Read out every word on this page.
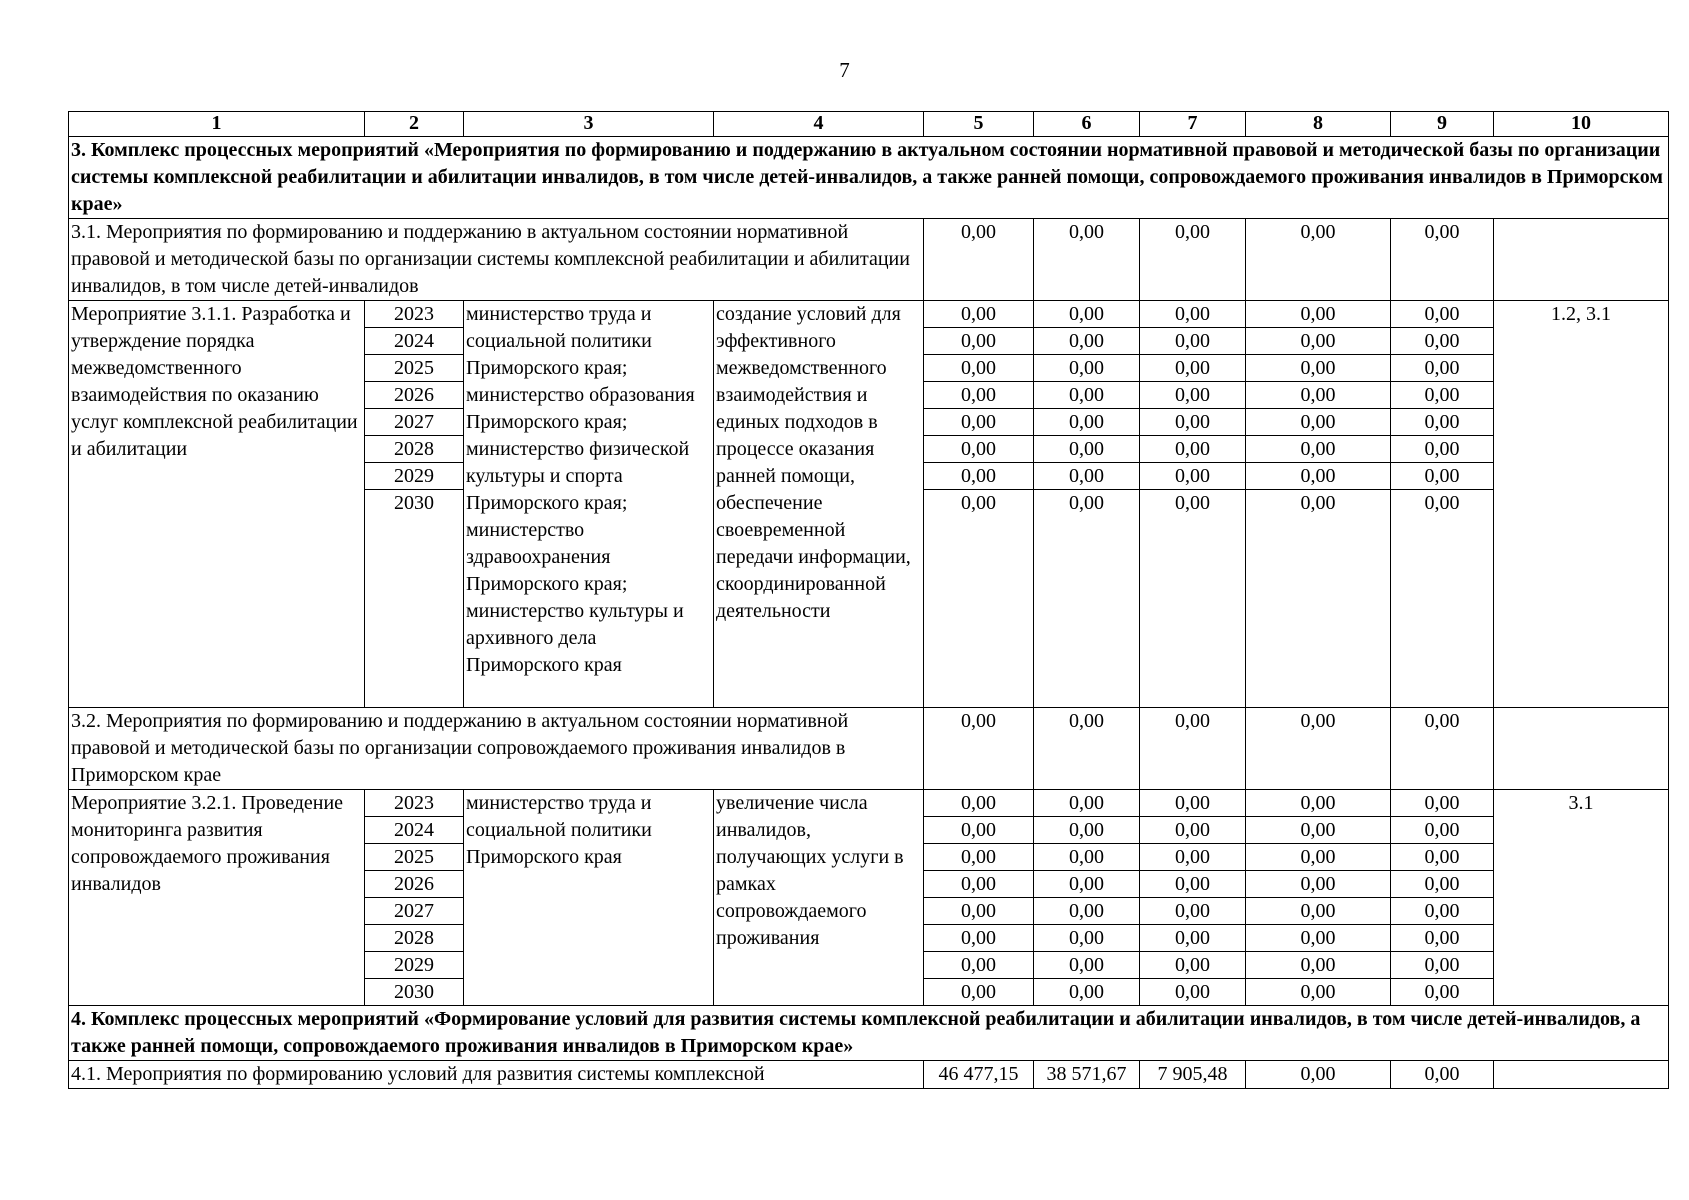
7
1	2	3	4	5	6	7	8	9	10
3. Комплекс процессных мероприятий «Мероприятия по формированию и поддержанию в актуальном состоянии нормативной правовой и методической базы по организации системы комплексной реабилитации и абилитации инвалидов, в том числе детей-инвалидов, а также ранней помощи, сопровождаемого проживания инвалидов в Приморском крае»									
3.1. Мероприятия по формированию и поддержанию в актуальном состоянии нормативной правовой и методической базы по организации системы комплексной реабилитации и абилитации инвалидов, в том числе детей-инвалидов				0,00	0,00	0,00	0,00	0,00	
Мероприятие 3.1.1. Разработка и утверждение порядка межведомственного взаимодействия по оказанию услуг комплексной реабилитации и абилитации	2023	министерство труда и социальной политики Приморского края; министерство образования Приморского края; министерство физической культуры и спорта Приморского края; министерство здравоохранения Приморского края; министерство культуры и архивного дела Приморского края	создание условий для эффективного межведомственного взаимодействия и единых подходов в процессе оказания ранней помощи, обеспечение своевременной передачи информации, скоординированной деятельности	0,00	0,00	0,00	0,00	0,00	1.2, 3.1
	2024			0,00	0,00	0,00	0,00	0,00	
	2025			0,00	0,00	0,00	0,00	0,00	
	2026			0,00	0,00	0,00	0,00	0,00	
	2027			0,00	0,00	0,00	0,00	0,00	
	2028			0,00	0,00	0,00	0,00	0,00	
	2029			0,00	0,00	0,00	0,00	0,00	
	2030			0,00	0,00	0,00	0,00	0,00	
3.2. Мероприятия по формированию и поддержанию в актуальном состоянии нормативной правовой и методической базы по организации сопровождаемого проживания инвалидов в Приморском крае				0,00	0,00	0,00	0,00	0,00	
Мероприятие 3.2.1. Проведение мониторинга развития сопровождаемого проживания инвалидов	2023	министерство труда и социальной политики Приморского края	увеличение числа инвалидов, получающих услуги в рамках сопровождаемого проживания	0,00	0,00	0,00	0,00	0,00	3.1
	2024			0,00	0,00	0,00	0,00	0,00	
	2025			0,00	0,00	0,00	0,00	0,00	
	2026			0,00	0,00	0,00	0,00	0,00	
	2027			0,00	0,00	0,00	0,00	0,00	
	2028			0,00	0,00	0,00	0,00	0,00	
	2029			0,00	0,00	0,00	0,00	0,00	
	2030			0,00	0,00	0,00	0,00	0,00	
4. Комплекс процессных мероприятий «Формирование условий для развития системы комплексной реабилитации и абилитации инвалидов, в том числе детей-инвалидов, а также ранней помощи, сопровождаемого проживания инвалидов в Приморском крае»									
4.1. Мероприятия по формированию условий для развития системы комплексной				46 477,15	38 571,67	7 905,48	0,00	0,00	
